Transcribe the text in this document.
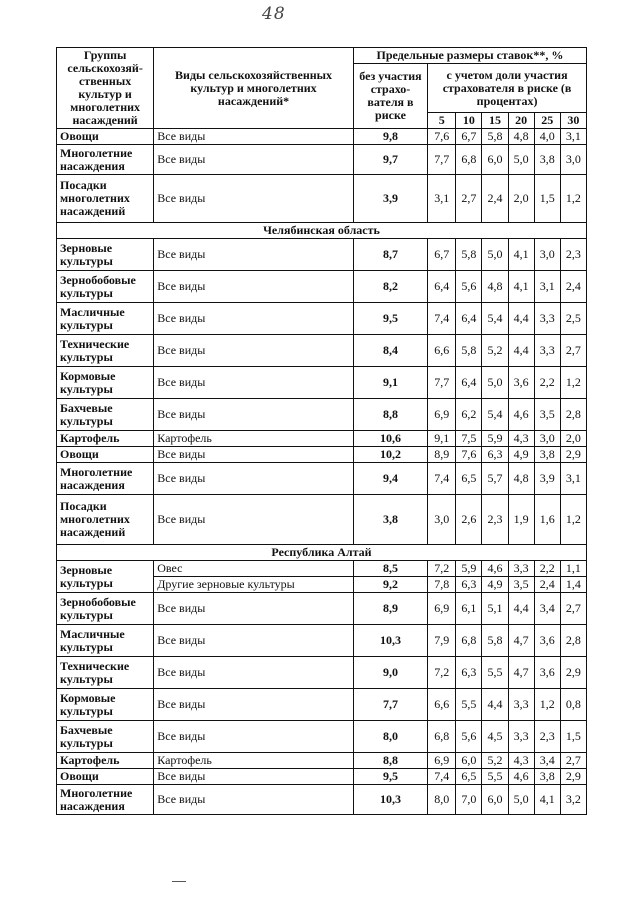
48
Группы сельскохозяй-ственных культур и многолетних насаждений	Виды сельскохозяйственных культур и многолетних насаждений*	Предельные размеры ставок**, %						
		без участия страхо-вателя в риске	с учетом доли участия страхователя в риске (в процентах)					
			5	10	15	20	25	30
Овощи	Все виды	9,8	7,6	6,7	5,8	4,8	4,0	3,1
Многолетние насаждения	Все виды	9,7	7,7	6,8	6,0	5,0	3,8	3,0
Посадки многолетних насаждений	Все виды	3,9	3,1	2,7	2,4	2,0	1,5	1,2
Челябинская область								
Зерновые культуры	Все виды	8,7	6,7	5,8	5,0	4,1	3,0	2,3
Зернобобовые культуры	Все виды	8,2	6,4	5,6	4,8	4,1	3,1	2,4
Масличные культуры	Все виды	9,5	7,4	6,4	5,4	4,4	3,3	2,5
Технические культуры	Все виды	8,4	6,6	5,8	5,2	4,4	3,3	2,7
Кормовые культуры	Все виды	9,1	7,7	6,4	5,0	3,6	2,2	1,2
Бахчевые культуры	Все виды	8,8	6,9	6,2	5,4	4,6	3,5	2,8
Картофель	Картофель	10,6	9,1	7,5	5,9	4,3	3,0	2,0
Овощи	Все виды	10,2	8,9	7,6	6,3	4,9	3,8	2,9
Многолетние насаждения	Все виды	9,4	7,4	6,5	5,7	4,8	3,9	3,1
Посадки многолетних насаждений	Все виды	3,8	3,0	2,6	2,3	1,9	1,6	1,2
Республика Алтай								
Зерновые культуры	Овес	8,5	7,2	5,9	4,6	3,3	2,2	1,1
	Другие зерновые культуры	9,2	7,8	6,3	4,9	3,5	2,4	1,4
Зернобобовые культуры	Все виды	8,9	6,9	6,1	5,1	4,4	3,4	2,7
Масличные культуры	Все виды	10,3	7,9	6,8	5,8	4,7	3,6	2,8
Технические культуры	Все виды	9,0	7,2	6,3	5,5	4,7	3,6	2,9
Кормовые культуры	Все виды	7,7	6,6	5,5	4,4	3,3	1,2	0,8
Бахчевые культуры	Все виды	8,0	6,8	5,6	4,5	3,3	2,3	1,5
Картофель	Картофель	8,8	6,9	6,0	5,2	4,3	3,4	2,7
Овощи	Все виды	9,5	7,4	6,5	5,5	4,6	3,8	2,9
Многолетние насаждения	Все виды	10,3	8,0	7,0	6,0	5,0	4,1	3,2
